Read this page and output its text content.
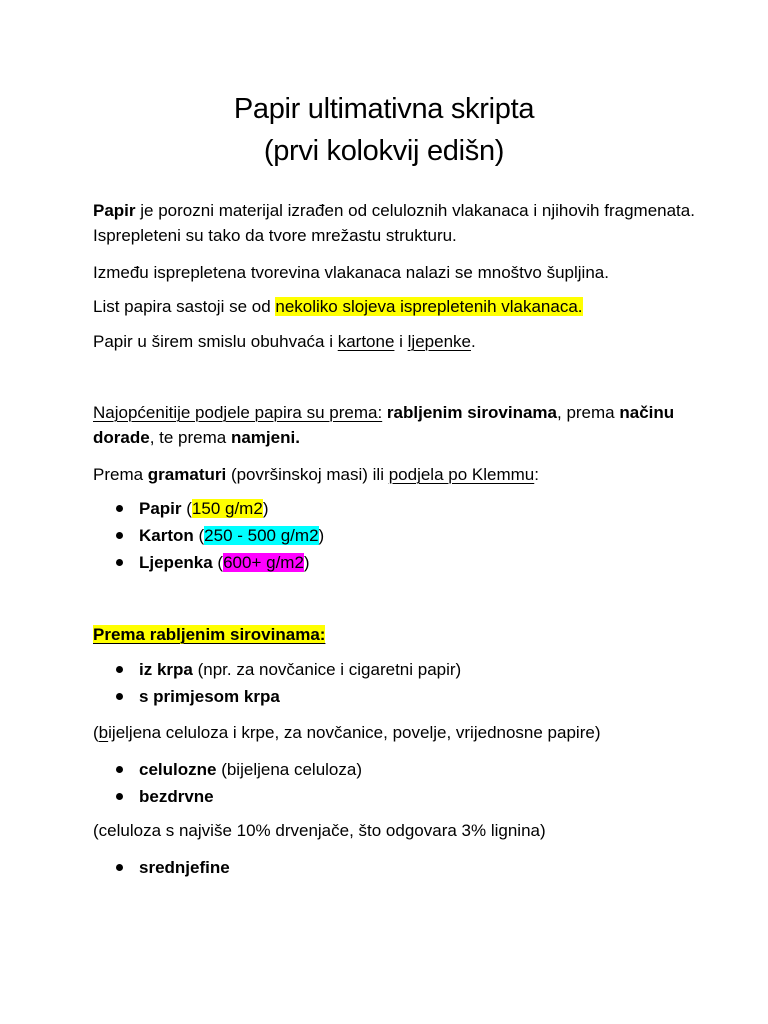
Papir ultimativna skripta
(prvi kolokvij edišn)
Papir je porozni materijal izrađen od celuloznih vlakanaca i njihovih fragmenata. Isprepleteni su tako da tvore mrežastu strukturu.
Između isprepletena tvorevina vlakanaca nalazi se mnoštvo šupljina.
List papira sastoji se od nekoliko slojeva isprepletenih vlakanaca.
Papir u širem smislu obuhvaća i kartone i ljepenke.
Najopćenitije podjele papira su prema: rabljenim sirovinama, prema načinu dorade, te prema namjeni.
Prema gramaturi (površinskoj masi) ili podjela po Klemmu:
Papir (150 g/m2)
Karton (250 - 500 g/m2)
Ljepenka (600+ g/m2)
Prema rabljenim sirovinama:
iz krpa (npr. za novčanice i cigaretni papir)
s primjesom krpa
(bijeljena celuloza i krpe, za novčanice, povelje, vrijednosne papire)
celulozne (bijeljena celuloza)
bezdrvne
(celuloza s najviše 10% drvenjače, što odgovara 3% lignina)
srednjefine
